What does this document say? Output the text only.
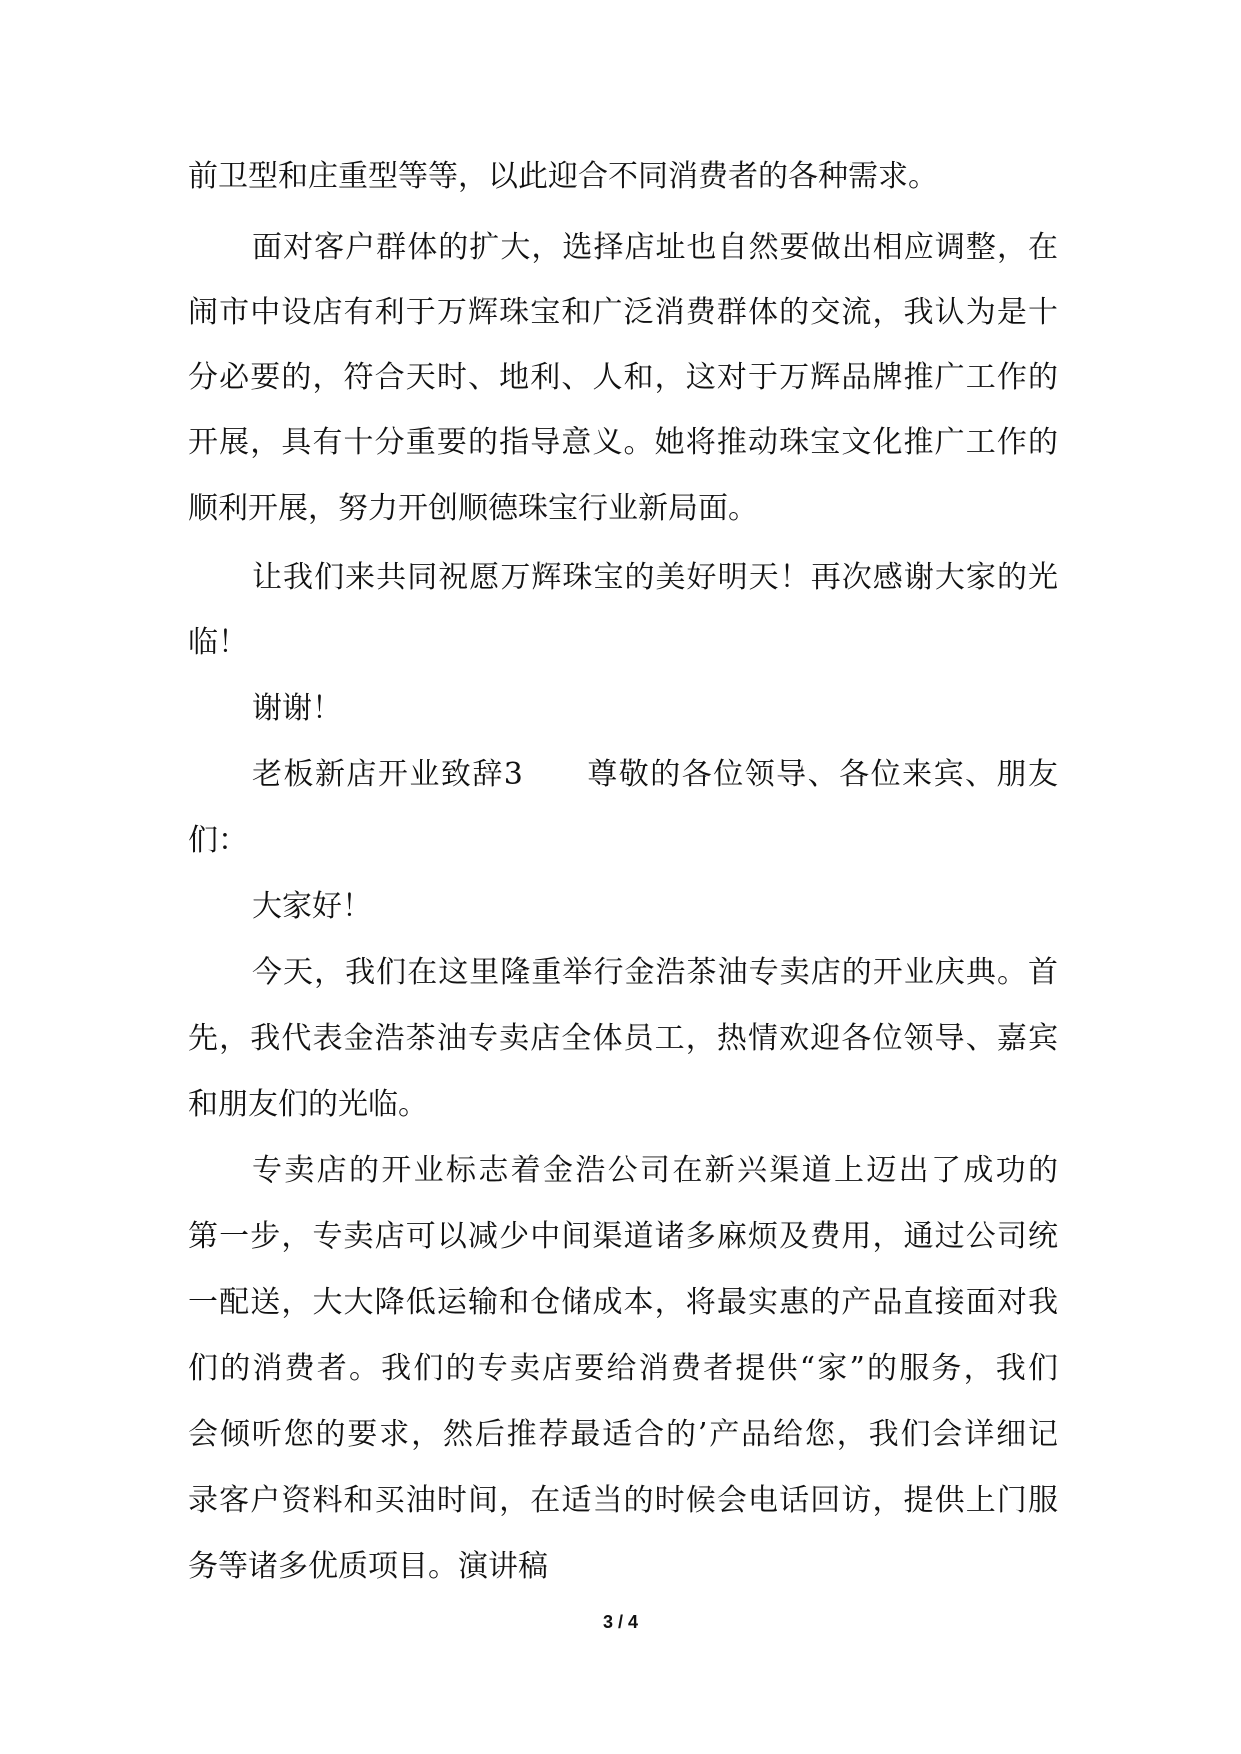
前卫型和庄重型等等，以此迎合不同消费者的各种需求。
面对客户群体的扩大，选择店址也自然要做出相应调整，在
闹市中设店有利于万辉珠宝和广泛消费群体的交流，我认为是十
分必要的，符合天时、地利、人和，这对于万辉品牌推广工作的
开展，具有十分重要的指导意义。她将推动珠宝文化推广工作的
顺利开展，努力开创顺德珠宝行业新局面。
让我们来共同祝愿万辉珠宝的美好明天！再次感谢大家的光
临！
谢谢！
老板新店开业致辞3　　尊敬的各位领导、各位来宾、朋友
们：
大家好！
今天，我们在这里隆重举行金浩茶油专卖店的开业庆典。首
先，我代表金浩茶油专卖店全体员工，热情欢迎各位领导、嘉宾
和朋友们的光临。
专卖店的开业标志着金浩公司在新兴渠道上迈出了成功的
第一步，专卖店可以减少中间渠道诸多麻烦及费用，通过公司统
一配送，大大降低运输和仓储成本，将最实惠的产品直接面对我
们的消费者。我们的专卖店要给消费者提供“家”的服务，我们
会倾听您的要求，然后推荐最适合的’产品给您，我们会详细记
录客户资料和买油时间，在适当的时候会电话回访，提供上门服
务等诸多优质项目。演讲稿
3 / 4
